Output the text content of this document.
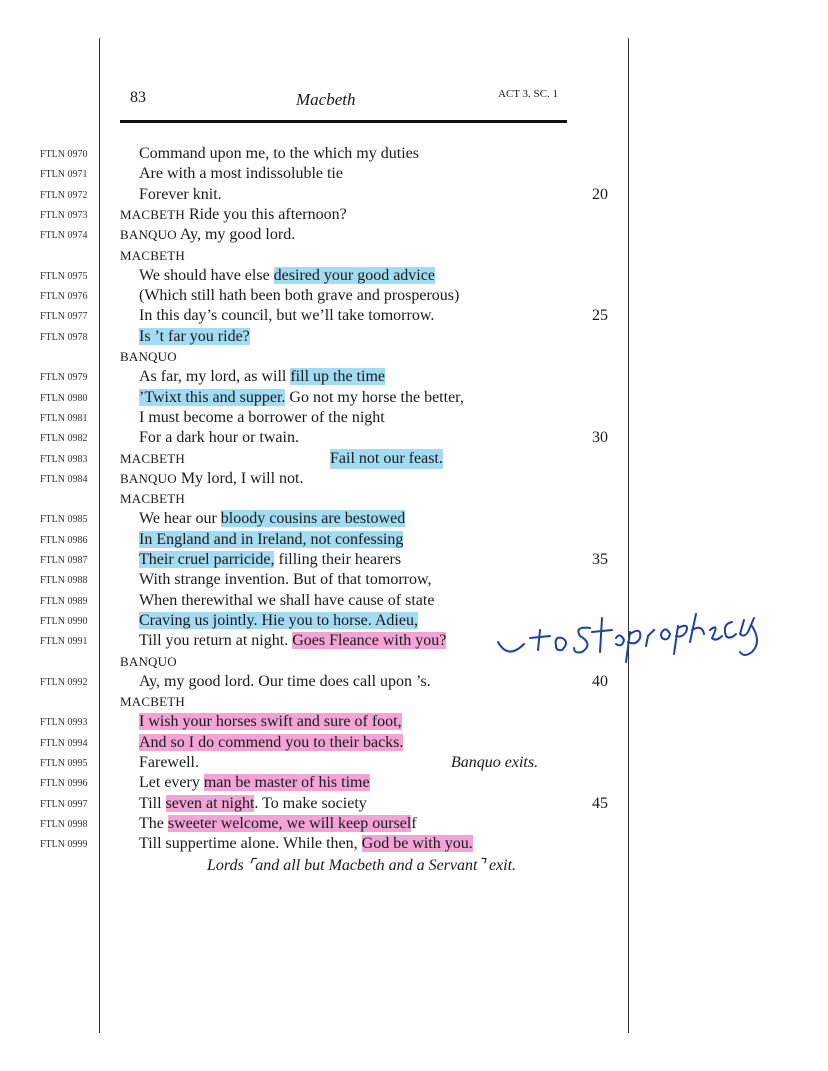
83	Macbeth	ACT 3. SC. 1
FTLN 0970	Command upon me, to the which my duties
FTLN 0971	Are with a most indissoluble tie
FTLN 0972	Forever knit.	20
FTLN 0973	MACBETH Ride you this afternoon?
FTLN 0974	BANQUO Ay, my good lord.
MACBETH
FTLN 0975	We should have else desired your good advice
FTLN 0976	(Which still hath been both grave and prosperous)
FTLN 0977	In this day’s council, but we’ll take tomorrow.	25
FTLN 0978	Is ’t far you ride?
BANQUO
FTLN 0979	As far, my lord, as will fill up the time
FTLN 0980	’Twixt this and supper. Go not my horse the better,
FTLN 0981	I must become a borrower of the night
FTLN 0982	For a dark hour or twain.	30
FTLN 0983	MACBETH	Fail not our feast.
FTLN 0984	BANQUO My lord, I will not.
MACBETH
FTLN 0985	We hear our bloody cousins are bestowed
FTLN 0986	In England and in Ireland, not confessing
FTLN 0987	Their cruel parricide, filling their hearers	35
FTLN 0988	With strange invention. But of that tomorrow,
FTLN 0989	When therewithal we shall have cause of state
FTLN 0990	Craving us jointly. Hie you to horse. Adieu,
FTLN 0991	Till you return at night. Goes Fleance with you?
BANQUO
FTLN 0992	Ay, my good lord. Our time does call upon ’s.	40
MACBETH
FTLN 0993	I wish your horses swift and sure of foot,
FTLN 0994	And so I do commend you to their backs.
FTLN 0995	Farewell.	Banquo exits.
FTLN 0996	Let every man be master of his time
FTLN 0997	Till seven at night. To make society	45
FTLN 0998	The sweeter welcome, we will keep ourself
FTLN 0999	Till suppertime alone. While then, God be with you.
Lords ⌜and all but Macbeth and a Servant⌝ exit.
